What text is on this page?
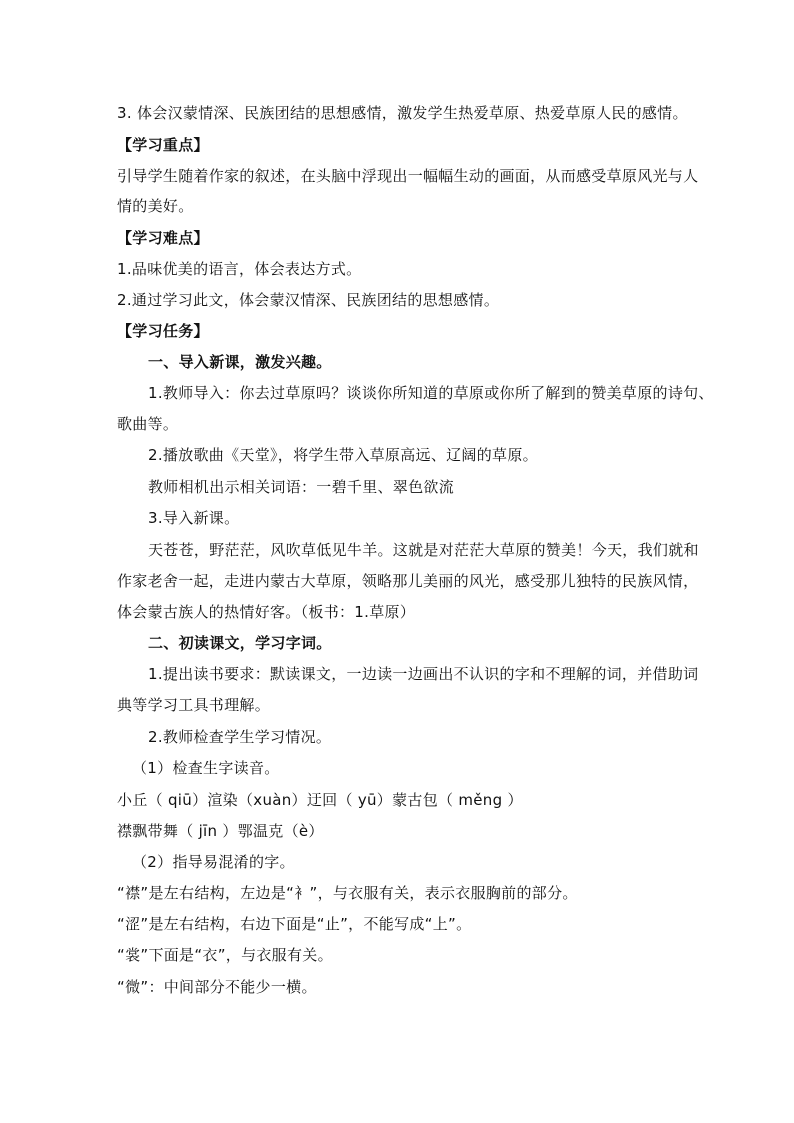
3. 体会汉蒙情深、民族团结的思想感情，激发学生热爱草原、热爱草原人民的感情。
【学习重点】
引导学生随着作家的叙述，在头脑中浮现出一幅幅生动的画面，从而感受草原风光与人
情的美好。
【学习难点】
1.品味优美的语言，体会表达方式。
2.通过学习此文，体会蒙汉情深、民族团结的思想感情。
【学习任务】
一、导入新课，激发兴趣。
1.教师导入：你去过草原吗？谈谈你所知道的草原或你所了解到的赞美草原的诗句、
歌曲等。
2.播放歌曲《天堂》，将学生带入草原高远、辽阔的草原。
教师相机出示相关词语：一碧千里、翠色欲流
3.导入新课。
天苍苍，野茫茫，风吹草低见牛羊。这就是对茫茫大草原的赞美！今天，我们就和
作家老舍一起，走进内蒙古大草原，领略那儿美丽的风光，感受那儿独特的民族风情，
体会蒙古族人的热情好客。（板书：1.草原）
二、初读课文，学习字词。
1.提出读书要求：默读课文，一边读一边画出不认识的字和不理解的词，并借助词
典等学习工具书理解。
2.教师检查学生学习情况。
（1）检查生字读音。
小丘（ qiū）渲染（xuàn）迂回（ yū）蒙古包（ měng ）
襟飘带舞（ jīn ）鄂温克（è）
（2）指导易混淆的字。
“襟”是左右结构，左边是“衤”，与衣服有关，表示衣服胸前的部分。
“涩”是左右结构，右边下面是“止”，不能写成“上”。
“裳”下面是“衣”，与衣服有关。
“微”：中间部分不能少一横。
